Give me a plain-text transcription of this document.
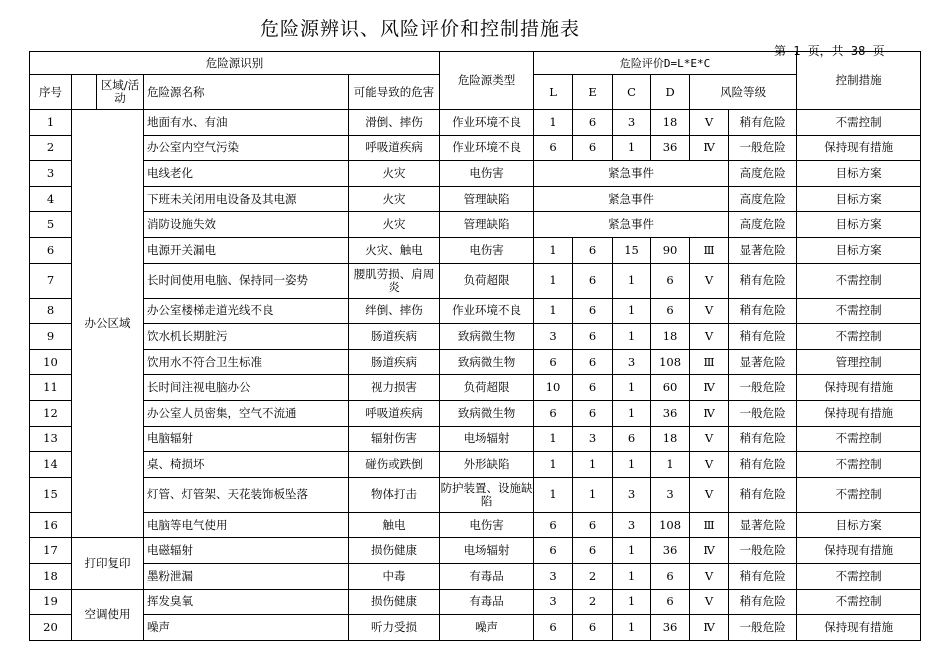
危险源辨识、风险评价和控制措施表
第 1 页，共 38 页
危险源识别					危险源类型	危险评价D=L*E*C						控制措施
序号		区域/活动	危险源名称	可能导致的危害		L	E	C	D	风险等级		
1	办公区域		地面有水、有油	滑倒、摔伤	作业环境不良	1	6	3	18	Ⅴ	稍有危险	不需控制
2			办公室内空气污染	呼吸道疾病	作业环境不良	6	6	1	36	Ⅳ	一般危险	保持现有措施
3			电线老化	火灾	电伤害	紧急事件					高度危险	目标方案
4			下班未关闭用电设备及其电源	火灾	管理缺陷	紧急事件					高度危险	目标方案
5			消防设施失效	火灾	管理缺陷	紧急事件					高度危险	目标方案
6			电源开关漏电	火灾、触电	电伤害	1	6	15	90	Ⅲ	显著危险	目标方案
7			长时间使用电脑、保持同一姿势	腰肌劳损、肩周炎	负荷超限	1	6	1	6	Ⅴ	稍有危险	不需控制
8			办公室楼梯走道光线不良	绊倒、摔伤	作业环境不良	1	6	1	6	Ⅴ	稍有危险	不需控制
9			饮水机长期脏污	肠道疾病	致病微生物	3	6	1	18	Ⅴ	稍有危险	不需控制
10			饮用水不符合卫生标准	肠道疾病	致病微生物	6	6	3	108	Ⅲ	显著危险	管理控制
11			长时间注视电脑办公	视力损害	负荷超限	10	6	1	60	Ⅳ	一般危险	保持现有措施
12			办公室人员密集，空气不流通	呼吸道疾病	致病微生物	6	6	1	36	Ⅳ	一般危险	保持现有措施
13			电脑辐射	辐射伤害	电场辐射	1	3	6	18	Ⅴ	稍有危险	不需控制
14			桌、椅损坏	碰伤或跌倒	外形缺陷	1	1	1	1	Ⅴ	稍有危险	不需控制
15			灯管、灯管架、天花装饰板坠落	物体打击	防护装置、设施缺陷	1	1	3	3	Ⅴ	稍有危险	不需控制
16			电脑等电气使用	触电	电伤害	6	6	3	108	Ⅲ	显著危险	目标方案
17	打印复印		电磁辐射	损伤健康	电场辐射	6	6	1	36	Ⅳ	一般危险	保持现有措施
18			墨粉泄漏	中毒	有毒品	3	2	1	6	Ⅴ	稍有危险	不需控制
19	空调使用		挥发臭氧	损伤健康	有毒品	3	2	1	6	Ⅴ	稍有危险	不需控制
20			噪声	听力受损	噪声	6	6	1	36	Ⅳ	一般危险	保持现有措施
